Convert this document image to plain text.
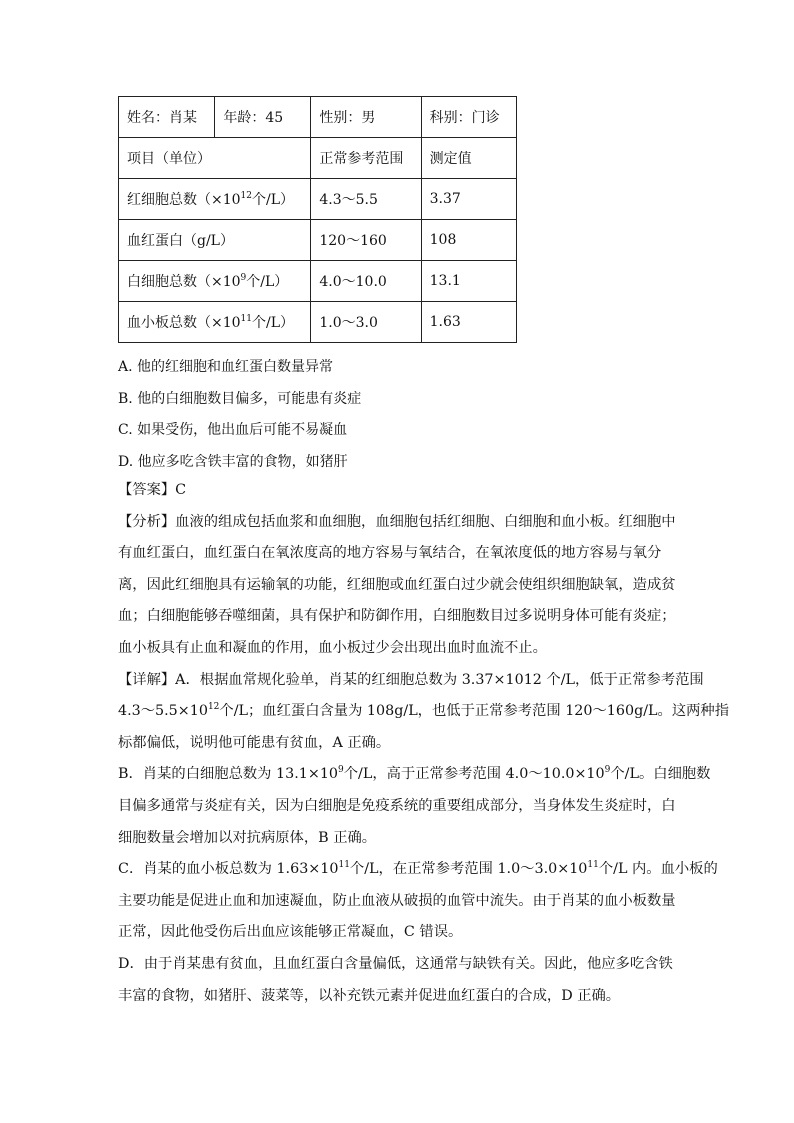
姓名：肖某	年龄：45	性别：男	科别：门诊
项目（单位）		正常参考范围	测定值
红细胞总数（$\times 10^{12}$个/L）		4.3～5.5	3.37
血红蛋白（g/L）		120～160	108
白细胞总数（$\times 10^9$个/L）		4.0～10.0	13.1
血小板总数（$\times 10^{11}$个/L）		1.0～3.0	1.63
A. 他的红细胞和血红蛋白数量异常
B. 他的白细胞数目偏多，可能患有炎症
C. 如果受伤，他出血后可能不易凝血
D. 他应多吃含铁丰富的食物，如猪肝
【答案】C
【分析】血液的组成包括血浆和血细胞，血细胞包括红细胞、白细胞和血小板。红细胞中
有血红蛋白，血红蛋白在氧浓度高的地方容易与氧结合，在氧浓度低的地方容易与氧分
离，因此红细胞具有运输氧的功能，红细胞或血红蛋白过少就会使组织细胞缺氧，造成贫
血；白细胞能够吞噬细菌，具有保护和防御作用，白细胞数目过多说明身体可能有炎症；
血小板具有止血和凝血的作用，血小板过少会出现出血时血流不止。
【详解】A．根据血常规化验单，肖某的红细胞总数为 3.37×1012 个/L，低于正常参考范围
$4.3\sim 5.5\times 10^{12}$个/L；血红蛋白含量为 108g/L，也低于正常参考范围 120～160g/L。这两种指
标都偏低，说明他可能患有贫血，A 正确。
B．肖某的白细胞总数为 $13.1\times 10^9$个/L，高于正常参考范围 $4.0\sim 10.0\times 10^9$个/L。白细胞数
目偏多通常与炎症有关，因为白细胞是免疫系统的重要组成部分，当身体发生炎症时，白
细胞数量会增加以对抗病原体，B 正确。
C．肖某的血小板总数为 $1.63\times 10^{11}$个/L，在正常参考范围 $1.0\sim 3.0\times 10^{11}$个/L 内。血小板的
主要功能是促进止血和加速凝血，防止血液从破损的血管中流失。由于肖某的血小板数量
正常，因此他受伤后出血应该能够正常凝血，C 错误。
D．由于肖某患有贫血，且血红蛋白含量偏低，这通常与缺铁有关。因此，他应多吃含铁
丰富的食物，如猪肝、菠菜等，以补充铁元素并促进血红蛋白的合成，D 正确。
